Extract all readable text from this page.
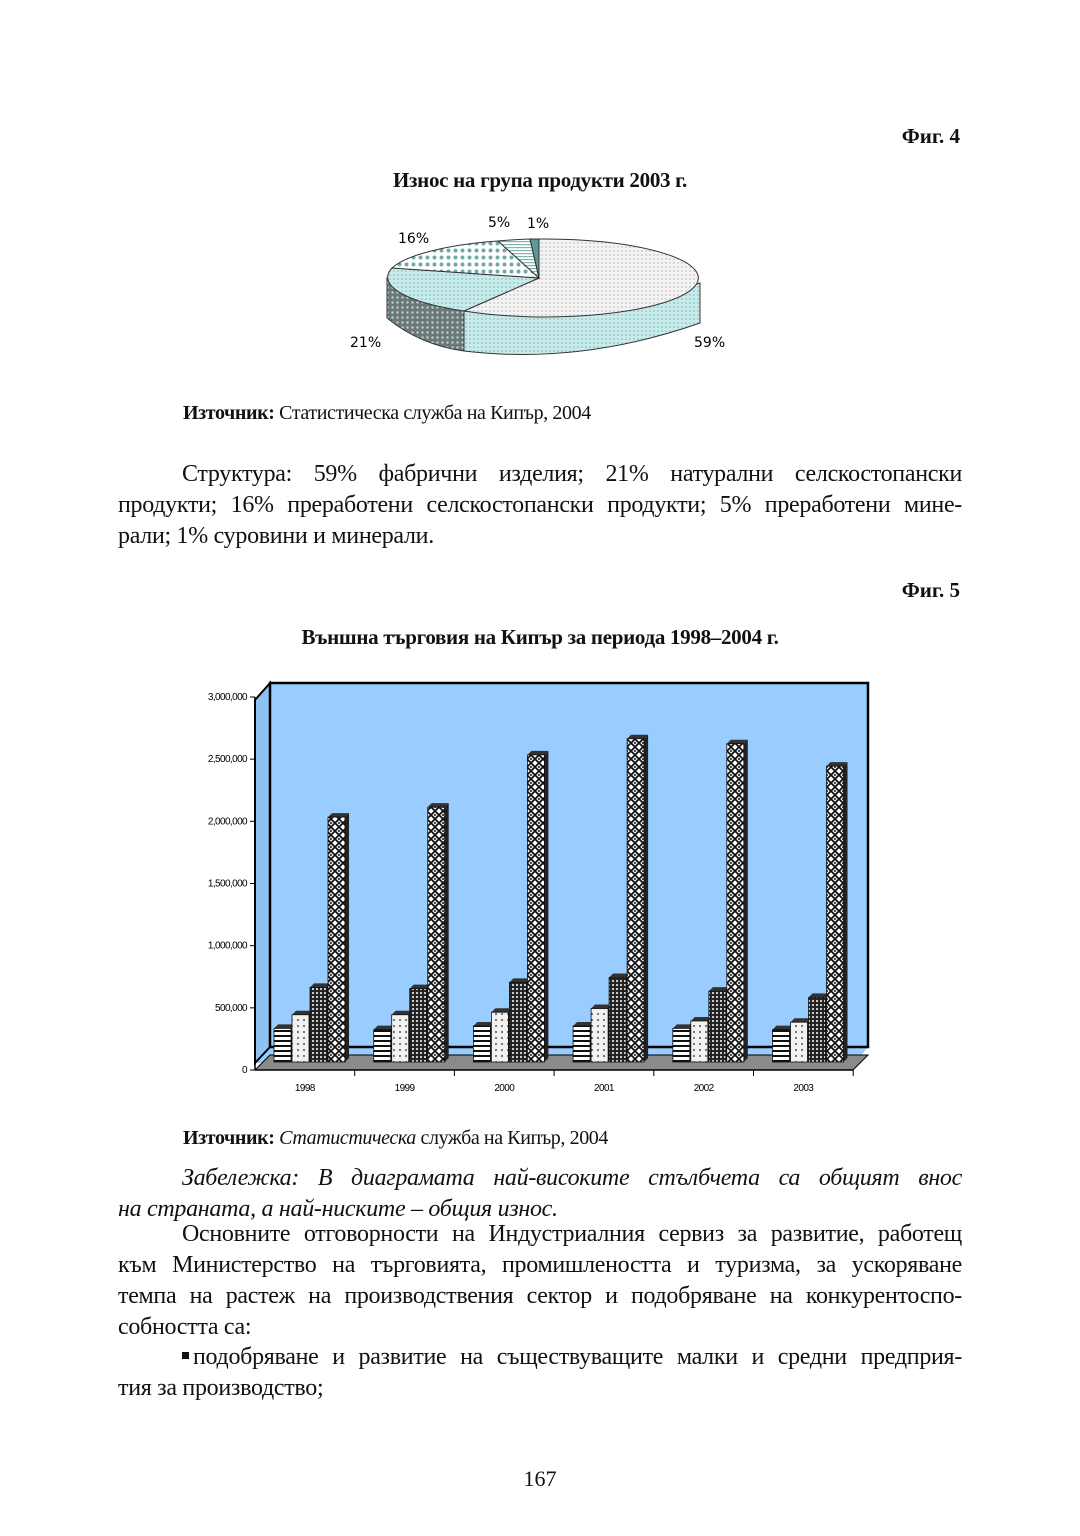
Фиг. 4
Износ на група продукти 2003 г.
16%
5% 1%
21%	59%
Източник: Статистическа служба на Кипър, 2004
Структура: 59% фабрични изделия; 21% натурални селскостопански
продукти; 16% преработени селскостопански продукти; 5% преработени мине-
рали; 1% суровини и минерали.
Фиг. 5
Външна търговия на Кипър за периода 1998–2004 г.
0
500,000
1,000,000
1,500,000
2,000,000
2,500,000
3,000,000
1998	1999	2000	2001	2002	2003
Източник: Статистическа служба на Кипър, 2004
Забележка: В диаграмата най-високите стълбчета са общият внос
на страната, а най-ниските – общия износ.
Основните отговорности на Индустриалния сервиз за развитие, работещ
към Министерство на търговията, промишлеността и туризма, за ускоряване
темпа на растеж на производствения сектор и подобряване на конкурентоспо-
собността са:
подобряване и развитие на съществуващите малки и средни предприя-
тия за производство;
167
